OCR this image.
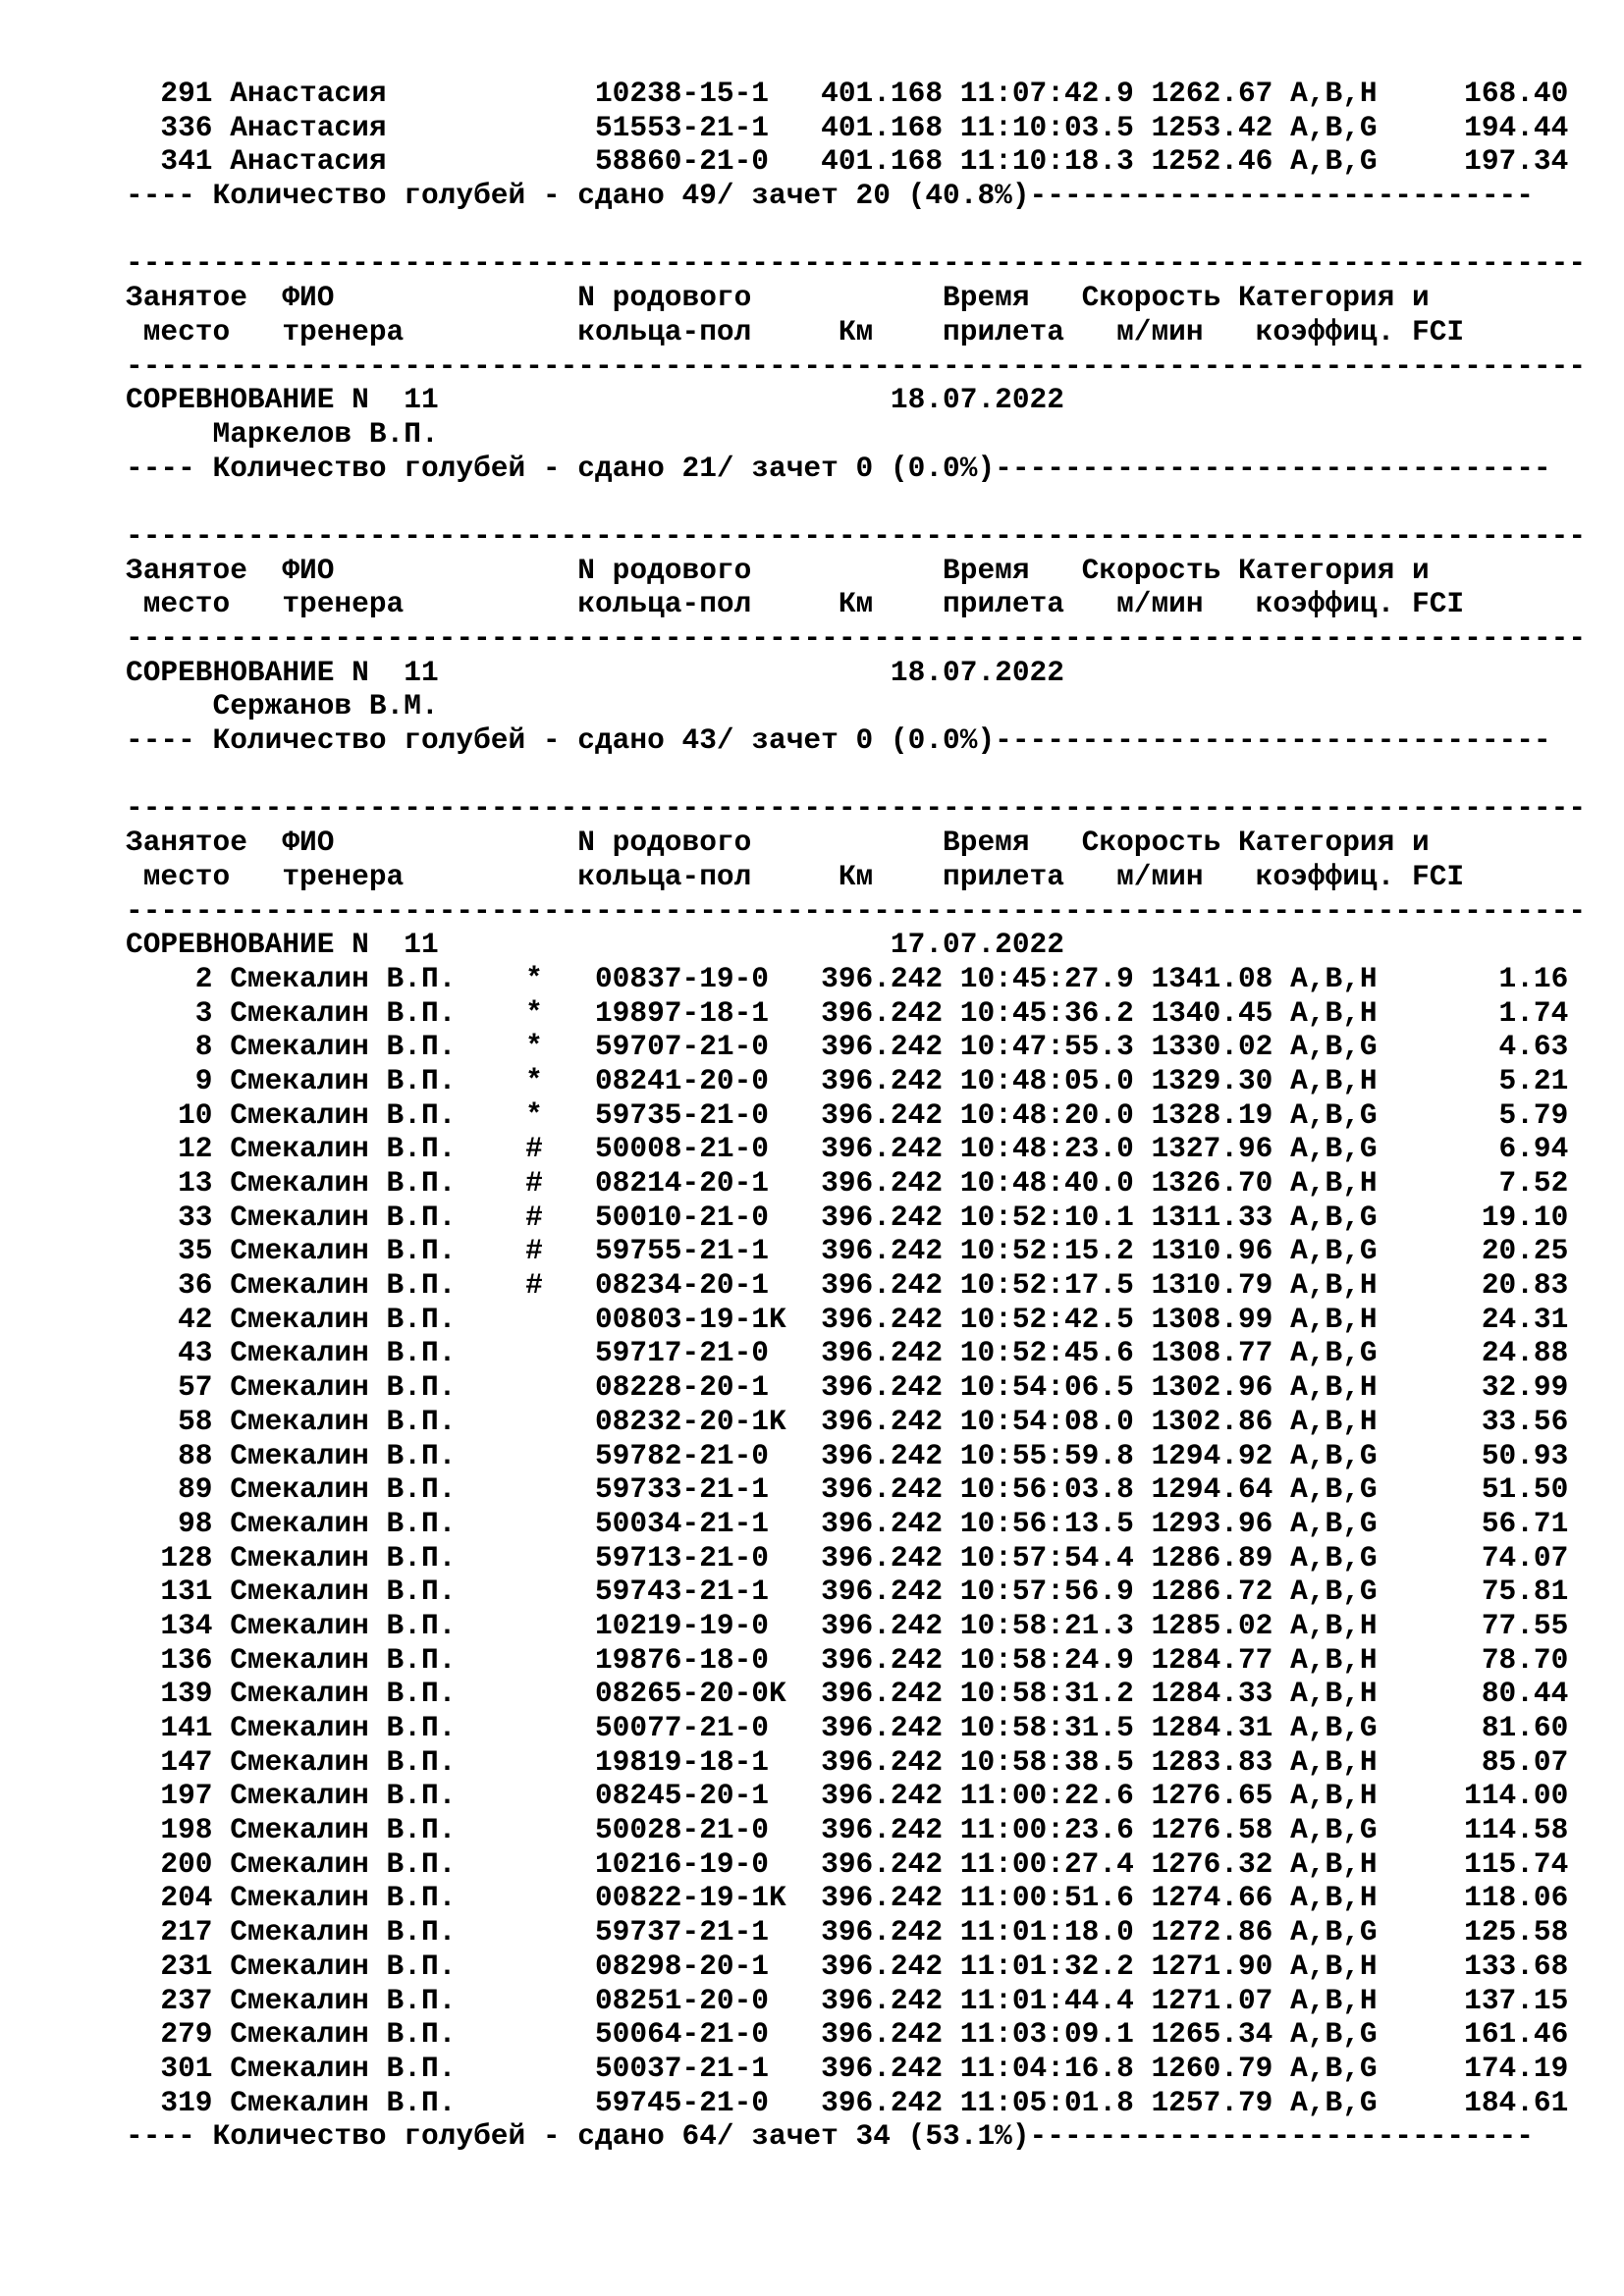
291 Анастасия            10238-15-1   401.168 11:07:42.9 1262.67 A,B,H     168.40
336 Анастасия            51553-21-1   401.168 11:10:03.5 1253.42 A,B,G     194.44
341 Анастасия            58860-21-0   401.168 11:10:18.3 1252.46 A,B,G     197.34
---- Количество голубей - сдано 49/ зачет 20 (40.8%)-----------------------------
------------------------------------------------------------------------------------
Занятое  ФИО              N родового           Время   Скорость Категория и
место   тренера          кольца-пол     Км    прилета   м/мин   коэффиц. FCI
------------------------------------------------------------------------------------
СОРЕВНОВАНИЕ N  11                          18.07.2022
Маркелов В.П.
---- Количество голубей - сдано 21/ зачет 0 (0.0%)--------------------------------
------------------------------------------------------------------------------------
Занятое  ФИО              N родового           Время   Скорость Категория и
место   тренера          кольца-пол     Км    прилета   м/мин   коэффиц. FCI
------------------------------------------------------------------------------------
СОРЕВНОВАНИЕ N  11                          18.07.2022
Сержанов В.М.
---- Количество голубей - сдано 43/ зачет 0 (0.0%)--------------------------------
------------------------------------------------------------------------------------
Занятое  ФИО              N родового           Время   Скорость Категория и
место   тренера          кольца-пол     Км    прилета   м/мин   коэффиц. FCI
------------------------------------------------------------------------------------
СОРЕВНОВАНИЕ N  11                          17.07.2022
2 Смекалин В.П.    *   00837-19-0   396.242 10:45:27.9 1341.08 A,B,H       1.16
3 Смекалин В.П.    *   19897-18-1   396.242 10:45:36.2 1340.45 A,B,H       1.74
8 Смекалин В.П.    *   59707-21-0   396.242 10:47:55.3 1330.02 A,B,G       4.63
9 Смекалин В.П.    *   08241-20-0   396.242 10:48:05.0 1329.30 A,B,H       5.21
10 Смекалин В.П.    *   59735-21-0   396.242 10:48:20.0 1328.19 A,B,G       5.79
12 Смекалин В.П.    #   50008-21-0   396.242 10:48:23.0 1327.96 A,B,G       6.94
13 Смекалин В.П.    #   08214-20-1   396.242 10:48:40.0 1326.70 A,B,H       7.52
33 Смекалин В.П.    #   50010-21-0   396.242 10:52:10.1 1311.33 A,B,G      19.10
35 Смекалин В.П.    #   59755-21-1   396.242 10:52:15.2 1310.96 A,B,G      20.25
36 Смекалин В.П.    #   08234-20-1   396.242 10:52:17.5 1310.79 A,B,H      20.83
42 Смекалин В.П.        00803-19-1K  396.242 10:52:42.5 1308.99 A,B,H      24.31
43 Смекалин В.П.        59717-21-0   396.242 10:52:45.6 1308.77 A,B,G      24.88
57 Смекалин В.П.        08228-20-1   396.242 10:54:06.5 1302.96 A,B,H      32.99
58 Смекалин В.П.        08232-20-1K  396.242 10:54:08.0 1302.86 A,B,H      33.56
88 Смекалин В.П.        59782-21-0   396.242 10:55:59.8 1294.92 A,B,G      50.93
89 Смекалин В.П.        59733-21-1   396.242 10:56:03.8 1294.64 A,B,G      51.50
98 Смекалин В.П.        50034-21-1   396.242 10:56:13.5 1293.96 A,B,G      56.71
128 Смекалин В.П.        59713-21-0   396.242 10:57:54.4 1286.89 A,B,G      74.07
131 Смекалин В.П.        59743-21-1   396.242 10:57:56.9 1286.72 A,B,G      75.81
134 Смекалин В.П.        10219-19-0   396.242 10:58:21.3 1285.02 A,B,H      77.55
136 Смекалин В.П.        19876-18-0   396.242 10:58:24.9 1284.77 A,B,H      78.70
139 Смекалин В.П.        08265-20-0K  396.242 10:58:31.2 1284.33 A,B,H      80.44
141 Смекалин В.П.        50077-21-0   396.242 10:58:31.5 1284.31 A,B,G      81.60
147 Смекалин В.П.        19819-18-1   396.242 10:58:38.5 1283.83 A,B,H      85.07
197 Смекалин В.П.        08245-20-1   396.242 11:00:22.6 1276.65 A,B,H     114.00
198 Смекалин В.П.        50028-21-0   396.242 11:00:23.6 1276.58 A,B,G     114.58
200 Смекалин В.П.        10216-19-0   396.242 11:00:27.4 1276.32 A,B,H     115.74
204 Смекалин В.П.        00822-19-1K  396.242 11:00:51.6 1274.66 A,B,H     118.06
217 Смекалин В.П.        59737-21-1   396.242 11:01:18.0 1272.86 A,B,G     125.58
231 Смекалин В.П.        08298-20-1   396.242 11:01:32.2 1271.90 A,B,H     133.68
237 Смекалин В.П.        08251-20-0   396.242 11:01:44.4 1271.07 A,B,H     137.15
279 Смекалин В.П.        50064-21-0   396.242 11:03:09.1 1265.34 A,B,G     161.46
301 Смекалин В.П.        50037-21-1   396.242 11:04:16.8 1260.79 A,B,G     174.19
319 Смекалин В.П.        59745-21-0   396.242 11:05:01.8 1257.79 A,B,G     184.61
---- Количество голубей - сдано 64/ зачет 34 (53.1%)-----------------------------
